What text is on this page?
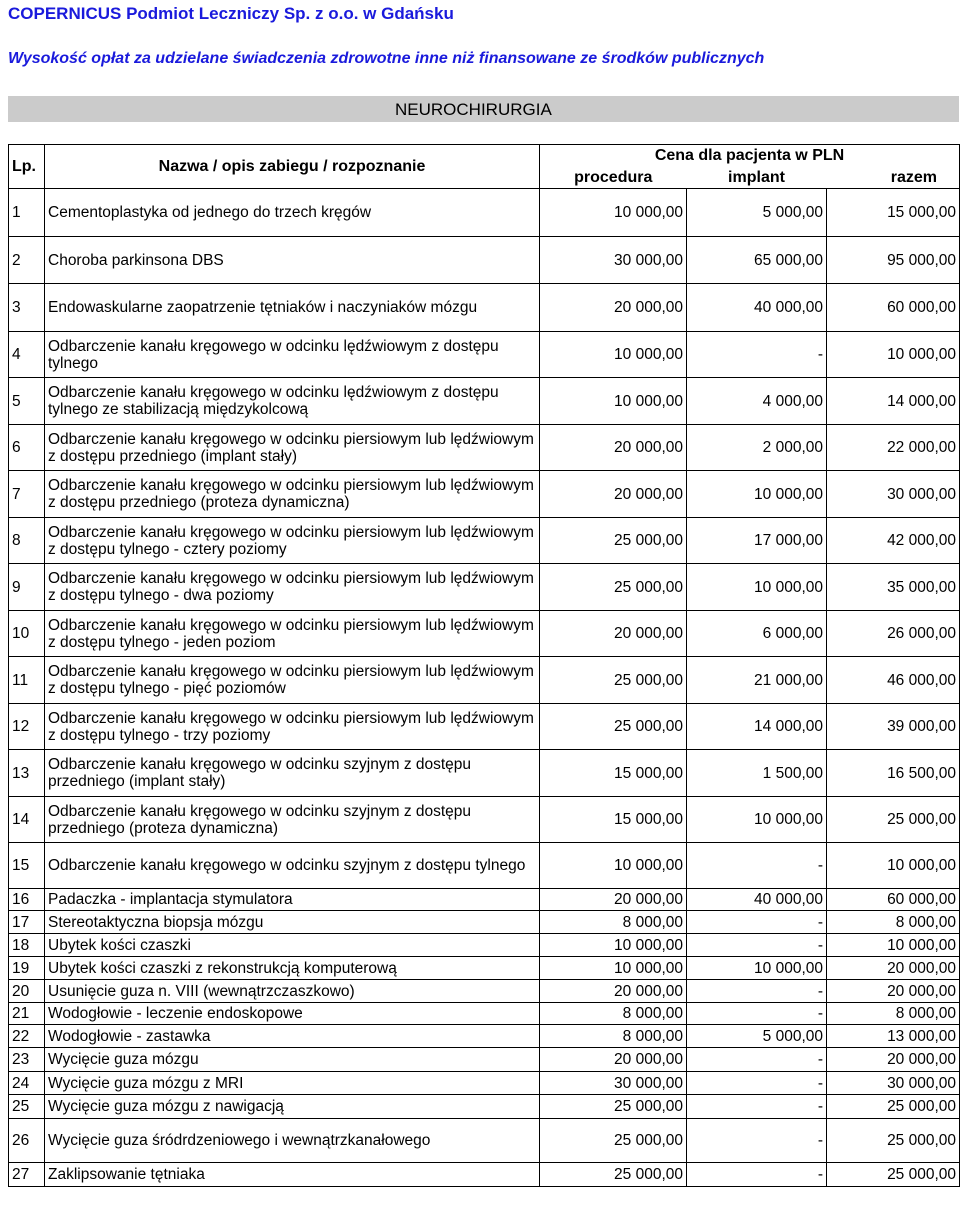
COPERNICUS Podmiot Leczniczy Sp. z o.o. w Gdańsku
Wysokość opłat za udzielane świadczenia zdrowotne inne niż finansowane ze środków publicznych
NEUROCHIRURGIA
Lp.	Nazwa / opis zabiegu / rozpoznanie	Cena dla pacjenta w PLN		
		procedura	implant	razem
1	Cementoplastyka od jednego do trzech kręgów	10 000,00	5 000,00	15 000,00
2	Choroba parkinsona DBS	30 000,00	65 000,00	95 000,00
3	Endowaskularne zaopatrzenie tętniaków i naczyniaków mózgu	20 000,00	40 000,00	60 000,00
4	Odbarczenie kanału kręgowego w odcinku lędźwiowym z dostępu tylnego	10 000,00	-	10 000,00
5	Odbarczenie kanału kręgowego w odcinku lędźwiowym z dostępu tylnego ze stabilizacją międzykolcową	10 000,00	4 000,00	14 000,00
6	Odbarczenie kanału kręgowego w odcinku piersiowym lub lędźwiowym z dostępu przedniego (implant stały)	20 000,00	2 000,00	22 000,00
7	Odbarczenie kanału kręgowego w odcinku piersiowym lub lędźwiowym z dostępu przedniego (proteza dynamiczna)	20 000,00	10 000,00	30 000,00
8	Odbarczenie kanału kręgowego w odcinku piersiowym lub lędźwiowym z dostępu tylnego - cztery poziomy	25 000,00	17 000,00	42 000,00
9	Odbarczenie kanału kręgowego w odcinku piersiowym lub lędźwiowym z dostępu tylnego - dwa poziomy	25 000,00	10 000,00	35 000,00
10	Odbarczenie kanału kręgowego w odcinku piersiowym lub lędźwiowym z dostępu tylnego - jeden poziom	20 000,00	6 000,00	26 000,00
11	Odbarczenie kanału kręgowego w odcinku piersiowym lub lędźwiowym z dostępu tylnego - pięć poziomów	25 000,00	21 000,00	46 000,00
12	Odbarczenie kanału kręgowego w odcinku piersiowym lub lędźwiowym z dostępu tylnego - trzy poziomy	25 000,00	14 000,00	39 000,00
13	Odbarczenie kanału kręgowego w odcinku szyjnym z dostępu przedniego (implant stały)	15 000,00	1 500,00	16 500,00
14	Odbarczenie kanału kręgowego w odcinku szyjnym z dostępu przedniego (proteza dynamiczna)	15 000,00	10 000,00	25 000,00
15	Odbarczenie kanału kręgowego w odcinku szyjnym z dostępu tylnego	10 000,00	-	10 000,00
16	Padaczka - implantacja stymulatora	20 000,00	40 000,00	60 000,00
17	Stereotaktyczna biopsja mózgu	8 000,00	-	8 000,00
18	Ubytek kości czaszki	10 000,00	-	10 000,00
19	Ubytek kości czaszki z rekonstrukcją komputerową	10 000,00	10 000,00	20 000,00
20	Usunięcie guza n. VIII (wewnątrzczaszkowo)	20 000,00	-	20 000,00
21	Wodogłowie - leczenie endoskopowe	8 000,00	-	8 000,00
22	Wodogłowie - zastawka	8 000,00	5 000,00	13 000,00
23	Wycięcie guza mózgu	20 000,00	-	20 000,00
24	Wycięcie guza mózgu z MRI	30 000,00	-	30 000,00
25	Wycięcie guza mózgu z nawigacją	25 000,00	-	25 000,00
26	Wycięcie guza śródrdzeniowego i wewnątrzkanałowego	25 000,00	-	25 000,00
27	Zaklipsowanie tętniaka	25 000,00	-	25 000,00
